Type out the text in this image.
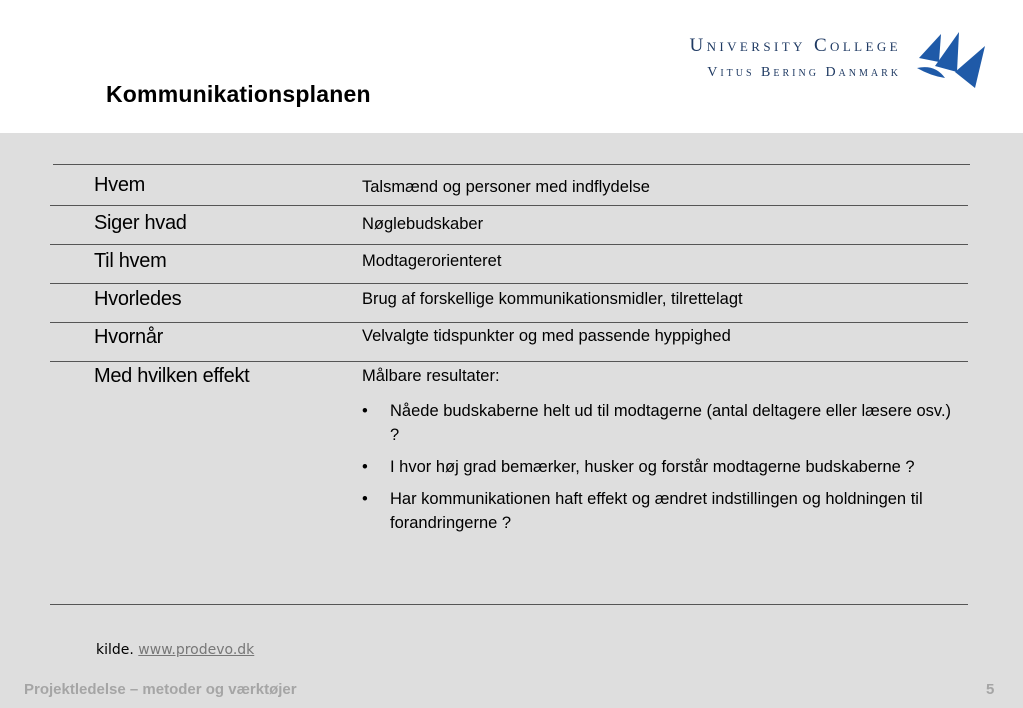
Kommunikationsplanen
University College
Vitus Bering Danmark
Hvem	Talsmænd og personer med indflydelse
Siger hvad	Nøglebudskaber
Til hvem	Modtagerorienteret
Hvorledes	Brug af forskellige kommunikationsmidler, tilrettelagt
Hvornår	Velvalgte tidspunkter og med passende hyppighed
Med hvilken effekt	Målbare resultater:
• Nåede budskaberne helt ud til modtagerne (antal deltagere eller læsere osv.) ?
• I hvor høj grad bemærker, husker og forstår modtagerne budskaberne ?
• Har kommunikationen haft effekt og ændret indstillingen og holdningen til forandringerne ?
kilde. www.prodevo.dk
Projektledelse – metoder og værktøjer	5
